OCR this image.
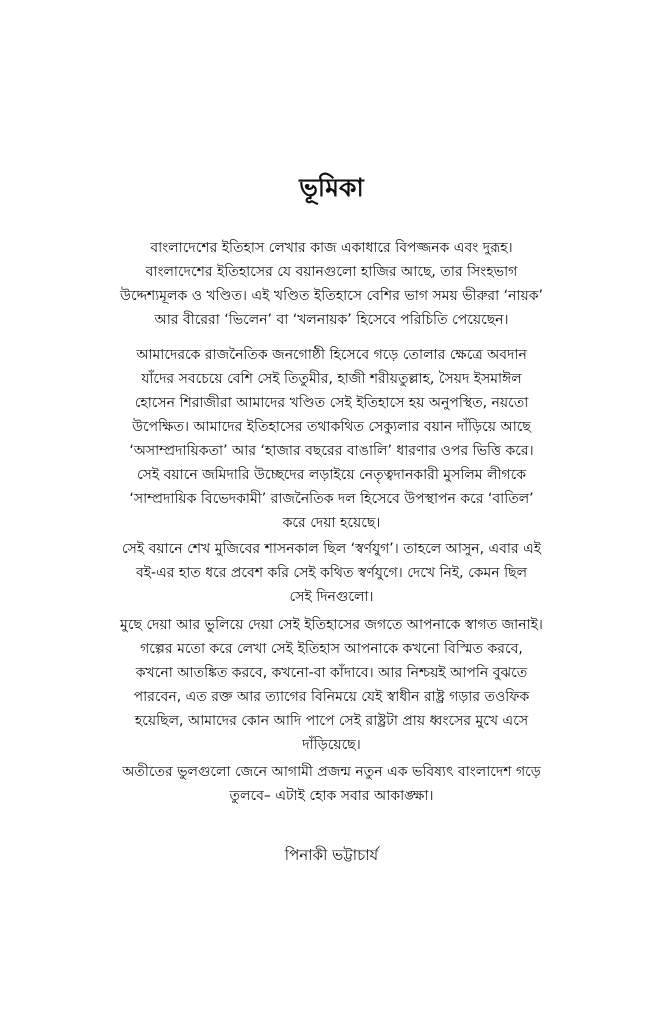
ভূমিকা

বাংলাদেশের ইতিহাস লেখার কাজ একাধারে বিপজ্জনক এবং দুরূহ।
বাংলাদেশের ইতিহাসের যে বয়ানগুলো হাজির আছে, তার সিংহভাগ
উদ্দেশ্যমূলক ও খণ্ডিত। এই খণ্ডিত ইতিহাসে বেশির ভাগ সময় ভীরুরা ‘নায়ক’
আর বীরেরা ‘ভিলেন’ বা ‘খলনায়ক’ হিসেবে পরিচিতি পেয়েছেন।

আমাদেরকে রাজনৈতিক জনগোষ্ঠী হিসেবে গড়ে তোলার ক্ষেত্রে অবদান
যাঁদের সবচেয়ে বেশি সেই তিতুমীর, হাজী শরীয়তুল্লাহ, সৈয়দ ইসমাঈল
হোসেন শিরাজীরা আমাদের খণ্ডিত সেই ইতিহাসে হয় অনুপস্থিত, নয়তো
উপেক্ষিত। আমাদের ইতিহাসের তথাকথিত সেক্যুলার বয়ান দাঁড়িয়ে আছে
‘অসাম্প্রদায়িকতা’ আর ‘হাজার বছরের বাঙালি’ ধারণার ওপর ভিত্তি করে।
সেই বয়ানে জমিদারি উচ্ছেদের লড়াইয়ে নেতৃত্বদানকারী মুসলিম লীগকে
‘সাম্প্রদায়িক বিভেদকামী’ রাজনৈতিক দল হিসেবে উপস্থাপন করে ‘বাতিল’
করে দেয়া হয়েছে।

সেই বয়ানে শেখ মুজিবের শাসনকাল ছিল ‘স্বর্ণযুগ’। তাহলে আসুন, এবার এই
বই-এর হাত ধরে প্রবেশ করি সেই কথিত স্বর্ণযুগে। দেখে নিই, কেমন ছিল
সেই দিনগুলো।

মুছে দেয়া আর ভুলিয়ে দেয়া সেই ইতিহাসের জগতে আপনাকে স্বাগত জানাই।
গল্পের মতো করে লেখা সেই ইতিহাস আপনাকে কখনো বিস্মিত করবে,
কখনো আতঙ্কিত করবে, কখনো-বা কাঁদাবে। আর নিশ্চয়ই আপনি বুঝতে
পারবেন, এত রক্ত আর ত্যাগের বিনিময়ে যেই স্বাধীন রাষ্ট্র গড়ার তওফিক
হয়েছিল, আমাদের কোন আদি পাপে সেই রাষ্ট্রটা প্রায় ধ্বংসের মুখে এসে
দাঁড়িয়েছে।

অতীতের ভুলগুলো জেনে আগামী প্রজন্ম নতুন এক ভবিষ্যৎ বাংলাদেশ গড়ে
তুলবে– এটাই হোক সবার আকাঙ্ক্ষা।

পিনাকী ভট্টাচার্য
